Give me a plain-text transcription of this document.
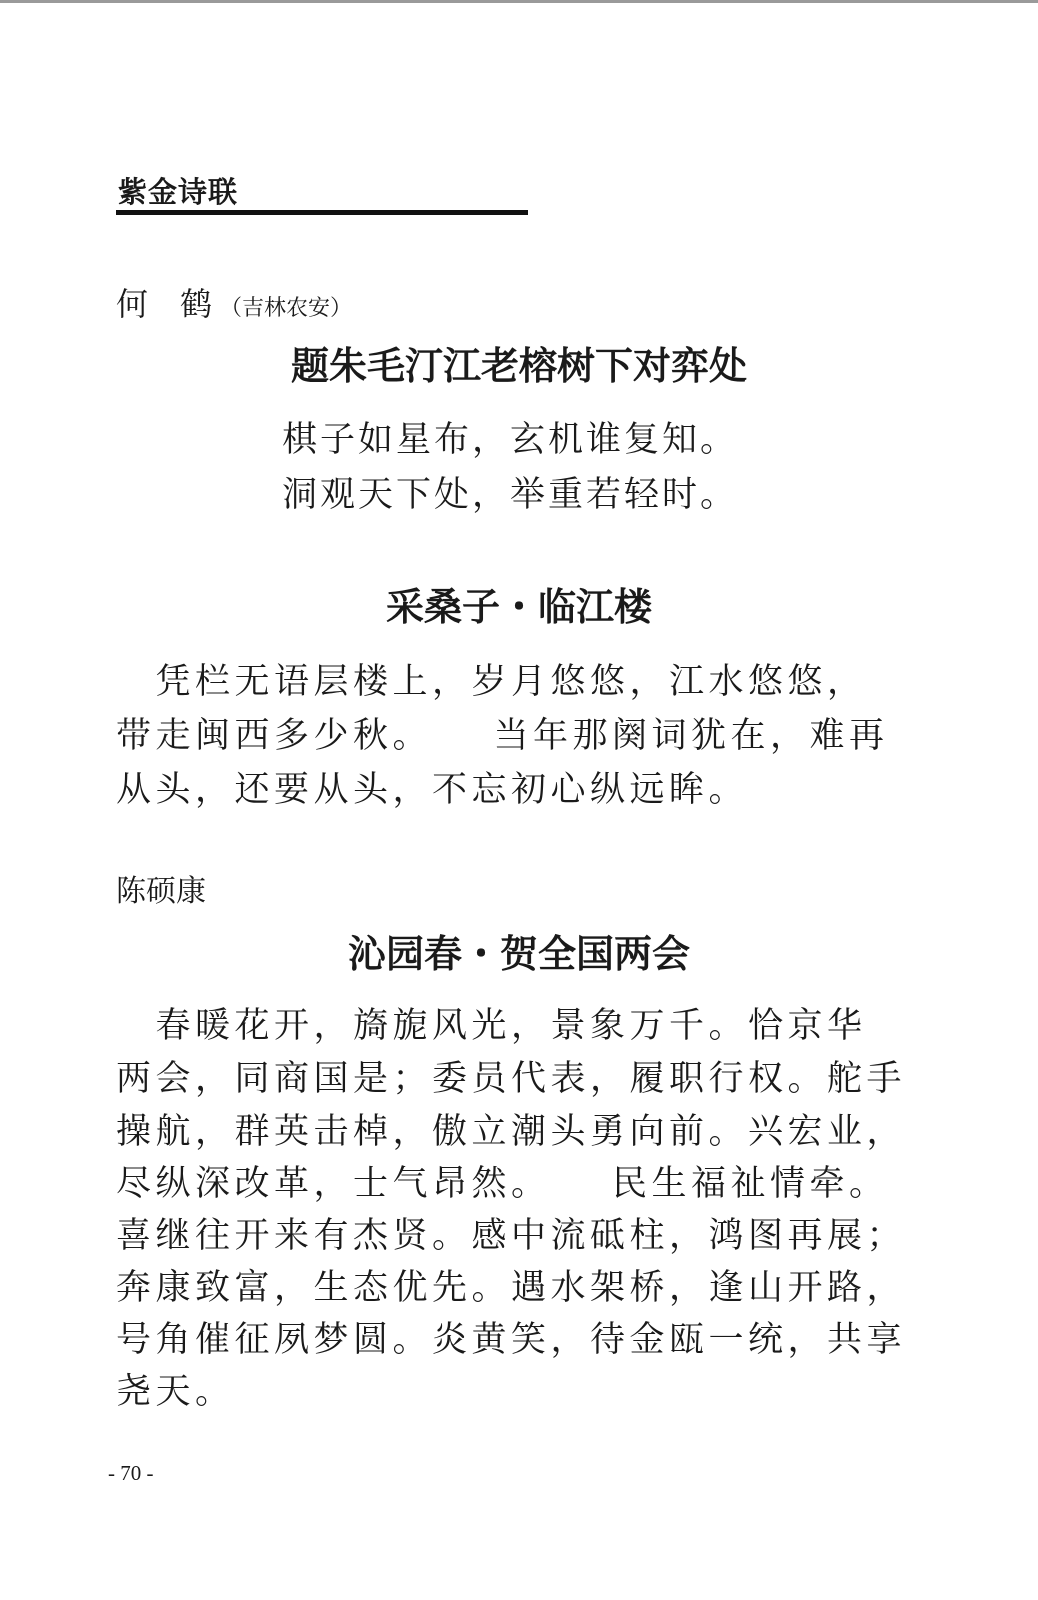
紫金诗联
何　鹤 （吉林农安）
题朱毛汀江老榕树下对弈处
棋子如星布，玄机谁复知。
洞观天下处，举重若轻时。
采桑子・临江楼
　凭栏无语层楼上，岁月悠悠，江水悠悠，
带走闽西多少秋。　　当年那阕词犹在，难再
从头，还要从头，不忘初心纵远眸。
陈硕康
沁园春・贺全国两会
　春暖花开，旖旎风光，景象万千。恰京华
两会，同商国是；委员代表，履职行权。舵手
操航，群英击棹，傲立潮头勇向前。兴宏业，
尽纵深改革，士气昂然。　　民生福祉情牵。
喜继往开来有杰贤。感中流砥柱，鸿图再展；
奔康致富，生态优先。遇水架桥，逢山开路，
号角催征夙梦圆。炎黄笑，待金瓯一统，共享
尧天。
- 70 -
